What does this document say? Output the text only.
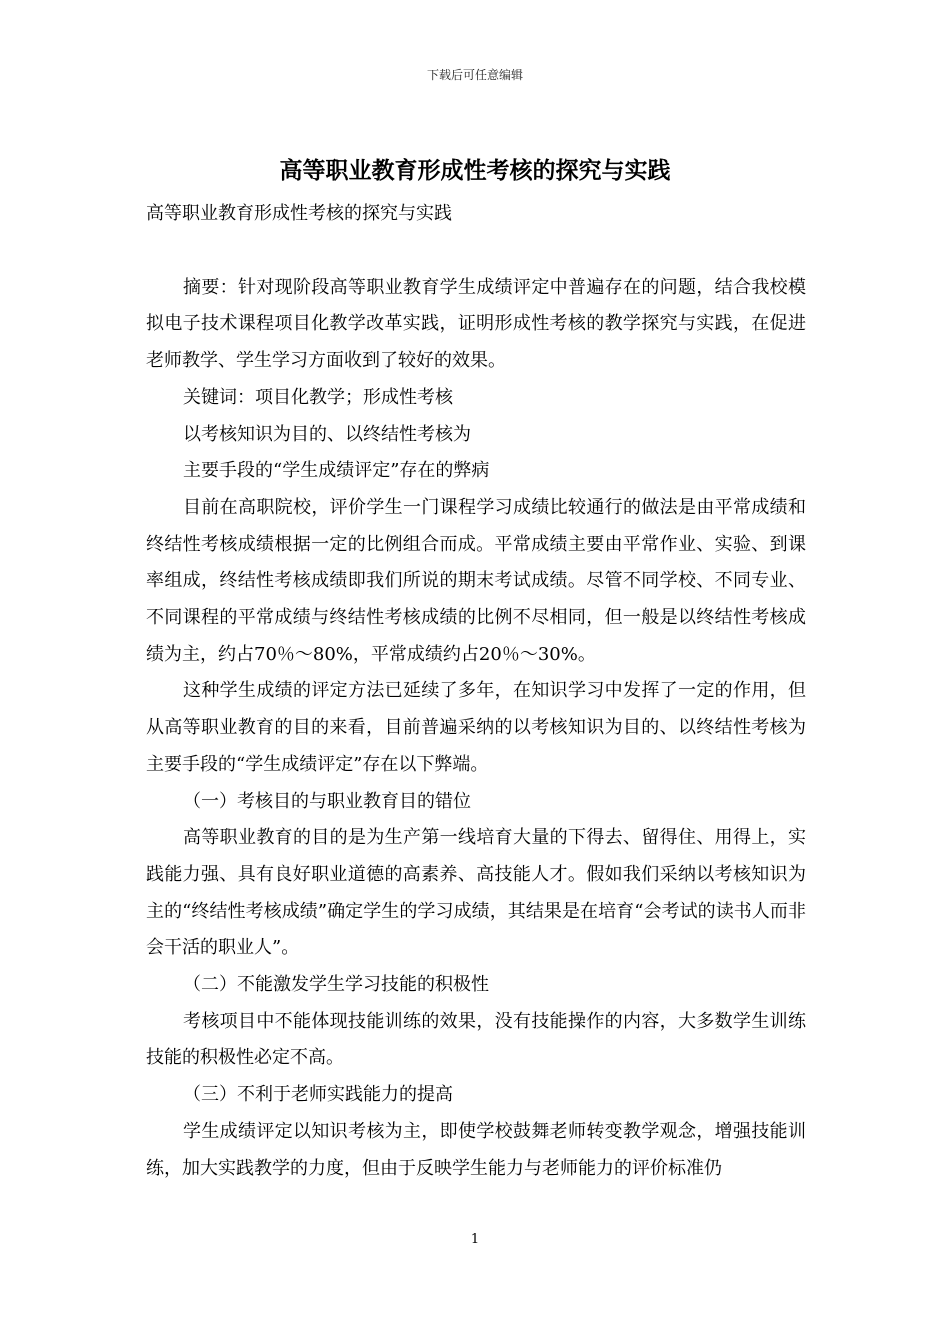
下载后可任意编辑
高等职业教育形成性考核的探究与实践

高等职业教育形成性考核的探究与实践

摘要：针对现阶段高等职业教育学生成绩评定中普遍存在的问题，结合我校模拟电子技术课程项目化教学改革实践，证明形成性考核的教学探究与实践，在促进老师教学、学生学习方面收到了较好的效果。

关键词：项目化教学；形成性考核

以考核知识为目的、以终结性考核为

主要手段的“学生成绩评定”存在的弊病

目前在高职院校，评价学生一门课程学习成绩比较通行的做法是由平常成绩和终结性考核成绩根据一定的比例组合而成。平常成绩主要由平常作业、实验、到课率组成，终结性考核成绩即我们所说的期末考试成绩。尽管不同学校、不同专业、不同课程的平常成绩与终结性考核成绩的比例不尽相同，但一般是以终结性考核成绩为主，约占70％～80%，平常成绩约占20％～30%。

这种学生成绩的评定方法已延续了多年，在知识学习中发挥了一定的作用，但从高等职业教育的目的来看，目前普遍采纳的以考核知识为目的、以终结性考核为主要手段的“学生成绩评定”存在以下弊端。

（一）考核目的与职业教育目的错位

高等职业教育的目的是为生产第一线培育大量的下得去、留得住、用得上，实践能力强、具有良好职业道德的高素养、高技能人才。假如我们采纳以考核知识为主的“终结性考核成绩”确定学生的学习成绩，其结果是在培育“会考试的读书人而非会干活的职业人”。

（二）不能激发学生学习技能的积极性

考核项目中不能体现技能训练的效果，没有技能操作的内容，大多数学生训练技能的积极性必定不高。

（三）不利于老师实践能力的提高

学生成绩评定以知识考核为主，即使学校鼓舞老师转变教学观念，增强技能训练，加大实践教学的力度，但由于反映学生能力与老师能力的评价标准仍

1
